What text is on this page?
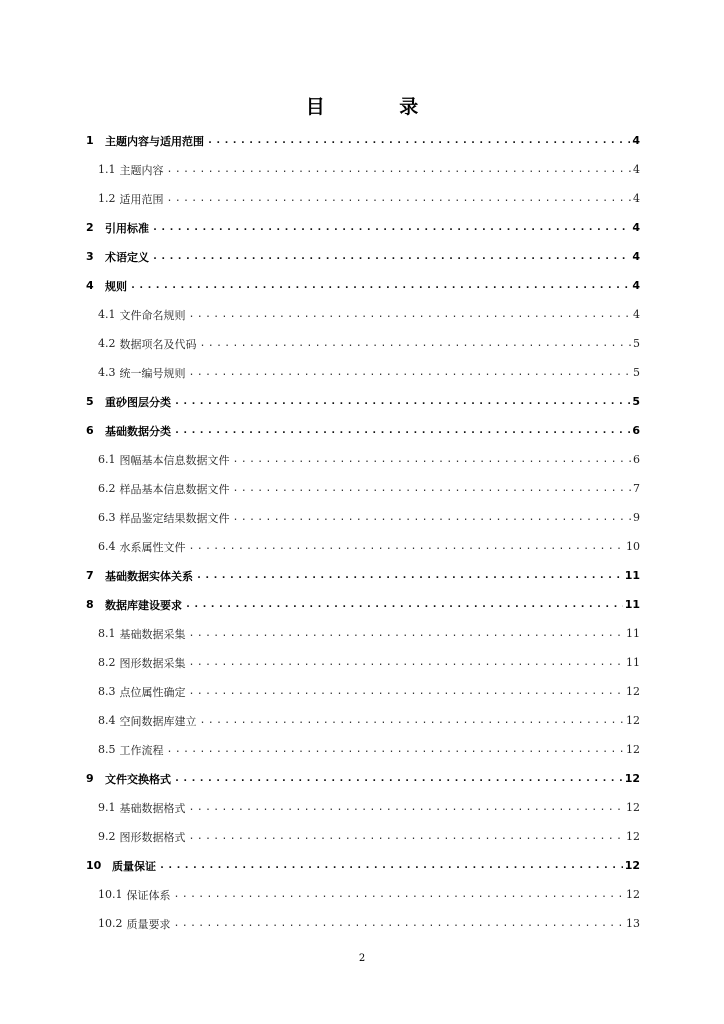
目 录
1	主题内容与适用范围 .....	4
1.1 主题内容 .....	4
1.2 适用范围 .....	4
2	引用标准 .....	4
3	术语定义 .....	4
4	规则 .....	4
4.1 文件命名规则 .....	4
4.2 数据项名及代码 .....	5
4.3 统一编号规则 .....	5
5	重砂图层分类 .....	5
6	基础数据分类 .....	6
6.1 图幅基本信息数据文件 .....	6
6.2 样品基本信息数据文件 .....	7
6.3 样品鉴定结果数据文件 .....	9
6.4 水系属性文件 .....	10
7	基础数据实体关系 .....	11
8	数据库建设要求 .....	11
8.1 基础数据采集 .....	11
8.2 图形数据采集 .....	11
8.3 点位属性确定 .....	12
8.4 空间数据库建立 .....	12
8.5 工作流程 .....	12
9	文件交换格式 .....	12
9.1 基础数据格式 .....	12
9.2 图形数据格式 .....	12
10 质量保证 .....	12
10.1 保证体系 .....	12
10.2 质量要求 .....	13
2
